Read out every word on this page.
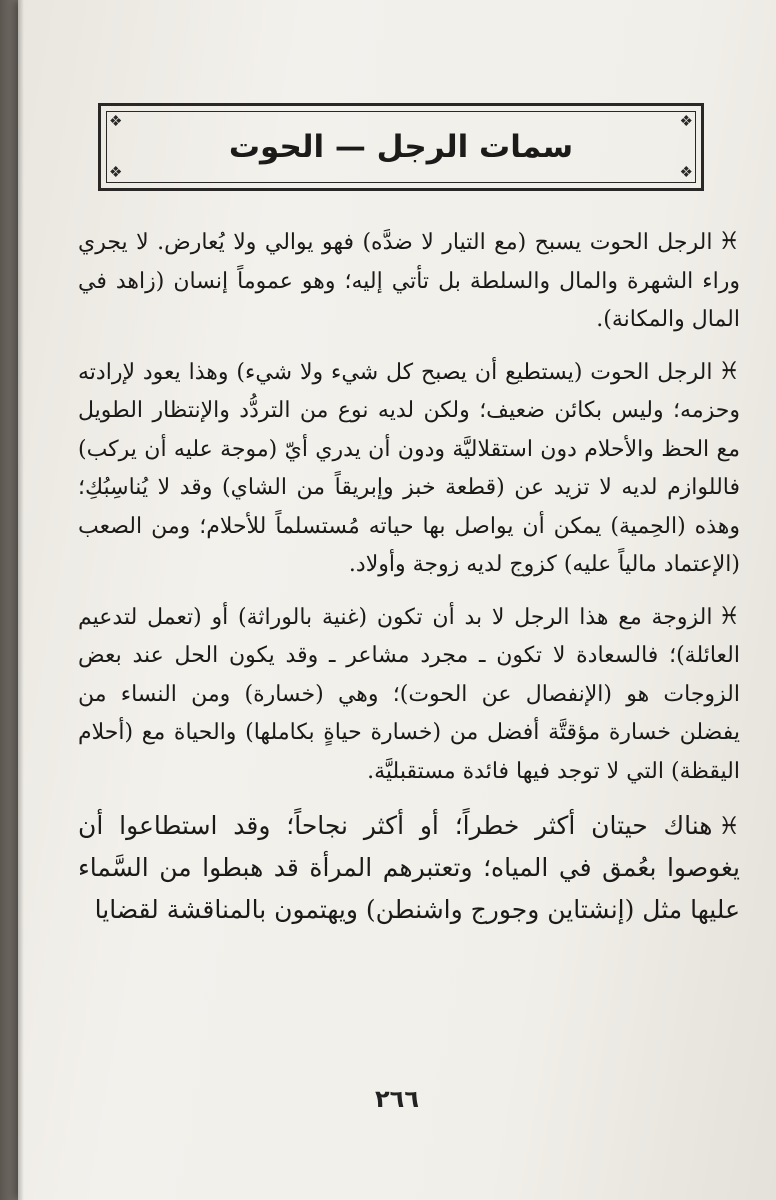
❖	❖
❖	❖
سمات الرجل — الحوت

♓الرجل الحوت يسبح (مع التيار لا ضدَّه) فهو يوالي ولا يُعارض. لا يجري وراء الشهرة والمال والسلطة بل تأتي إليه؛ وهو عموماً إنسان (زاهد في المال والمكانة).

♓الرجل الحوت (يستطيع أن يصبح كل شيء ولا شيء) وهذا يعود لإرادته وحزمه؛ وليس بكائن ضعيف؛ ولكن لديه نوع من التردُّد والإنتظار الطويل مع الحظ والأحلام دون استقلاليَّة ودون أن يدري أيّ (موجة عليه أن يركب) فاللوازم لديه لا تزيد عن (قطعة خبز وإبريقاً من الشاي) وقد لا يُناسِبُكِ؛ وهذه (الحِمية) يمكن أن يواصل بها حياته مُستسلماً للأحلام؛ ومن الصعب (الإعتماد مالياً عليه) كزوج لديه زوجة وأولاد.

♓الزوجة مع هذا الرجل لا بد أن تكون (غنية بالوراثة) أو (تعمل لتدعيم العائلة)؛ فالسعادة لا تكون ـ مجرد مشاعر ـ وقد يكون الحل عند بعض الزوجات هو (الإنفصال عن الحوت)؛ وهي (خسارة) ومن النساء من يفضلن خسارة مؤقتَّة أفضل من (خسارة حياةٍ بكاملها) والحياة مع (أحلام اليقظة) التي لا توجد فيها فائدة مستقبليَّة.

♓هناك حيتان أكثر خطراً؛ أو أكثر نجاحاً؛ وقد استطاعوا أن يغوصوا بعُمق في المياه؛ وتعتبرهم المرأة قد هبطوا من السَّماء عليها مثل (إنشتاين وجورج واشنطن) ويهتمون بالمناقشة لقضايا

٢٦٦
